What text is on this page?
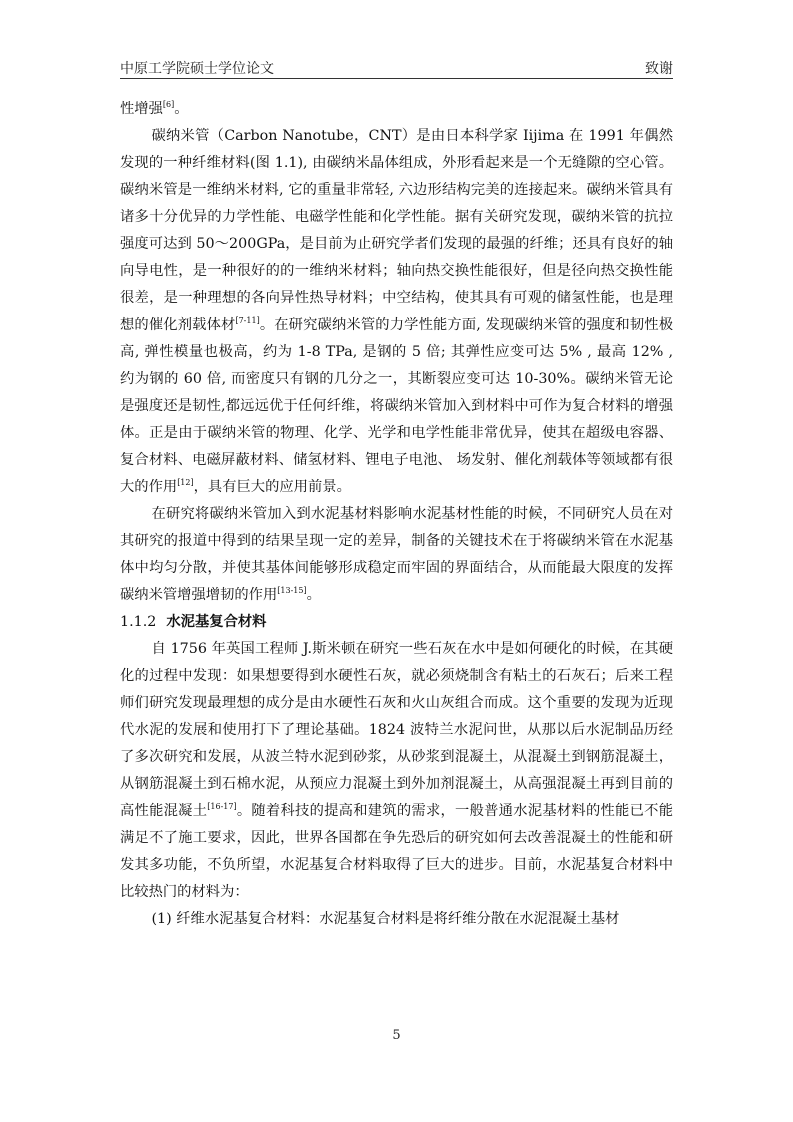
中原工学院硕士学位论文	致谢

性增强[6]。

碳纳米管（Carbon Nanotube，CNT）是由日本科学家 Iijima 在 1991 年偶然发现的一种纤维材料(图 1.1), 由碳纳米晶体组成，外形看起来是一个无缝隙的空心管。碳纳米管是一维纳米材料, 它的重量非常轻, 六边形结构完美的连接起来。碳纳米管具有诸多十分优异的力学性能、电磁学性能和化学性能。据有关研究发现，碳纳米管的抗拉强度可达到 50～200GPa，是目前为止研究学者们发现的最强的纤维；还具有良好的轴向导电性，是一种很好的的一维纳米材料；轴向热交换性能很好，但是径向热交换性能很差，是一种理想的各向异性热导材料；中空结构，使其具有可观的储氢性能，也是理想的催化剂载体材[7-11]。在研究碳纳米管的力学性能方面, 发现碳纳米管的强度和韧性极高, 弹性模量也极高，约为 1-8 TPa, 是钢的 5 倍; 其弹性应变可达 5% , 最高 12% , 约为钢的 60 倍, 而密度只有钢的几分之一，其断裂应变可达 10-30%。碳纳米管无论是强度还是韧性,都远远优于任何纤维，将碳纳米管加入到材料中可作为复合材料的增强体。正是由于碳纳米管的物理、化学、光学和电学性能非常优异，使其在超级电容器、复合材料、电磁屏蔽材料、储氢材料、锂电子电池、 场发射、催化剂载体等领域都有很大的作用[12]，具有巨大的应用前景。

在研究将碳纳米管加入到水泥基材料影响水泥基材性能的时候，不同研究人员在对其研究的报道中得到的结果呈现一定的差异，制备的关键技术在于将碳纳米管在水泥基体中均匀分散，并使其基体间能够形成稳定而牢固的界面结合，从而能最大限度的发挥碳纳米管增强增韧的作用[13-15]。

1.1.2 水泥基复合材料

自 1756 年英国工程师 J.斯米顿在研究一些石灰在水中是如何硬化的时候，在其硬化的过程中发现：如果想要得到水硬性石灰，就必须烧制含有粘土的石灰石；后来工程师们研究发现最理想的成分是由水硬性石灰和火山灰组合而成。这个重要的发现为近现代水泥的发展和使用打下了理论基础。1824 波特兰水泥问世，从那以后水泥制品历经了多次研究和发展，从波兰特水泥到砂浆，从砂浆到混凝土，从混凝土到钢筋混凝土，从钢筋混凝土到石棉水泥，从预应力混凝土到外加剂混凝土，从高强混凝土再到目前的高性能混凝土[16-17]。随着科技的提高和建筑的需求，一般普通水泥基材料的性能已不能满足不了施工要求，因此，世界各国都在争先恐后的研究如何去改善混凝土的性能和研发其多功能，不负所望，水泥基复合材料取得了巨大的进步。目前，水泥基复合材料中比较热门的材料为：

(1) 纤维水泥基复合材料：水泥基复合材料是将纤维分散在水泥混凝土基材

5
